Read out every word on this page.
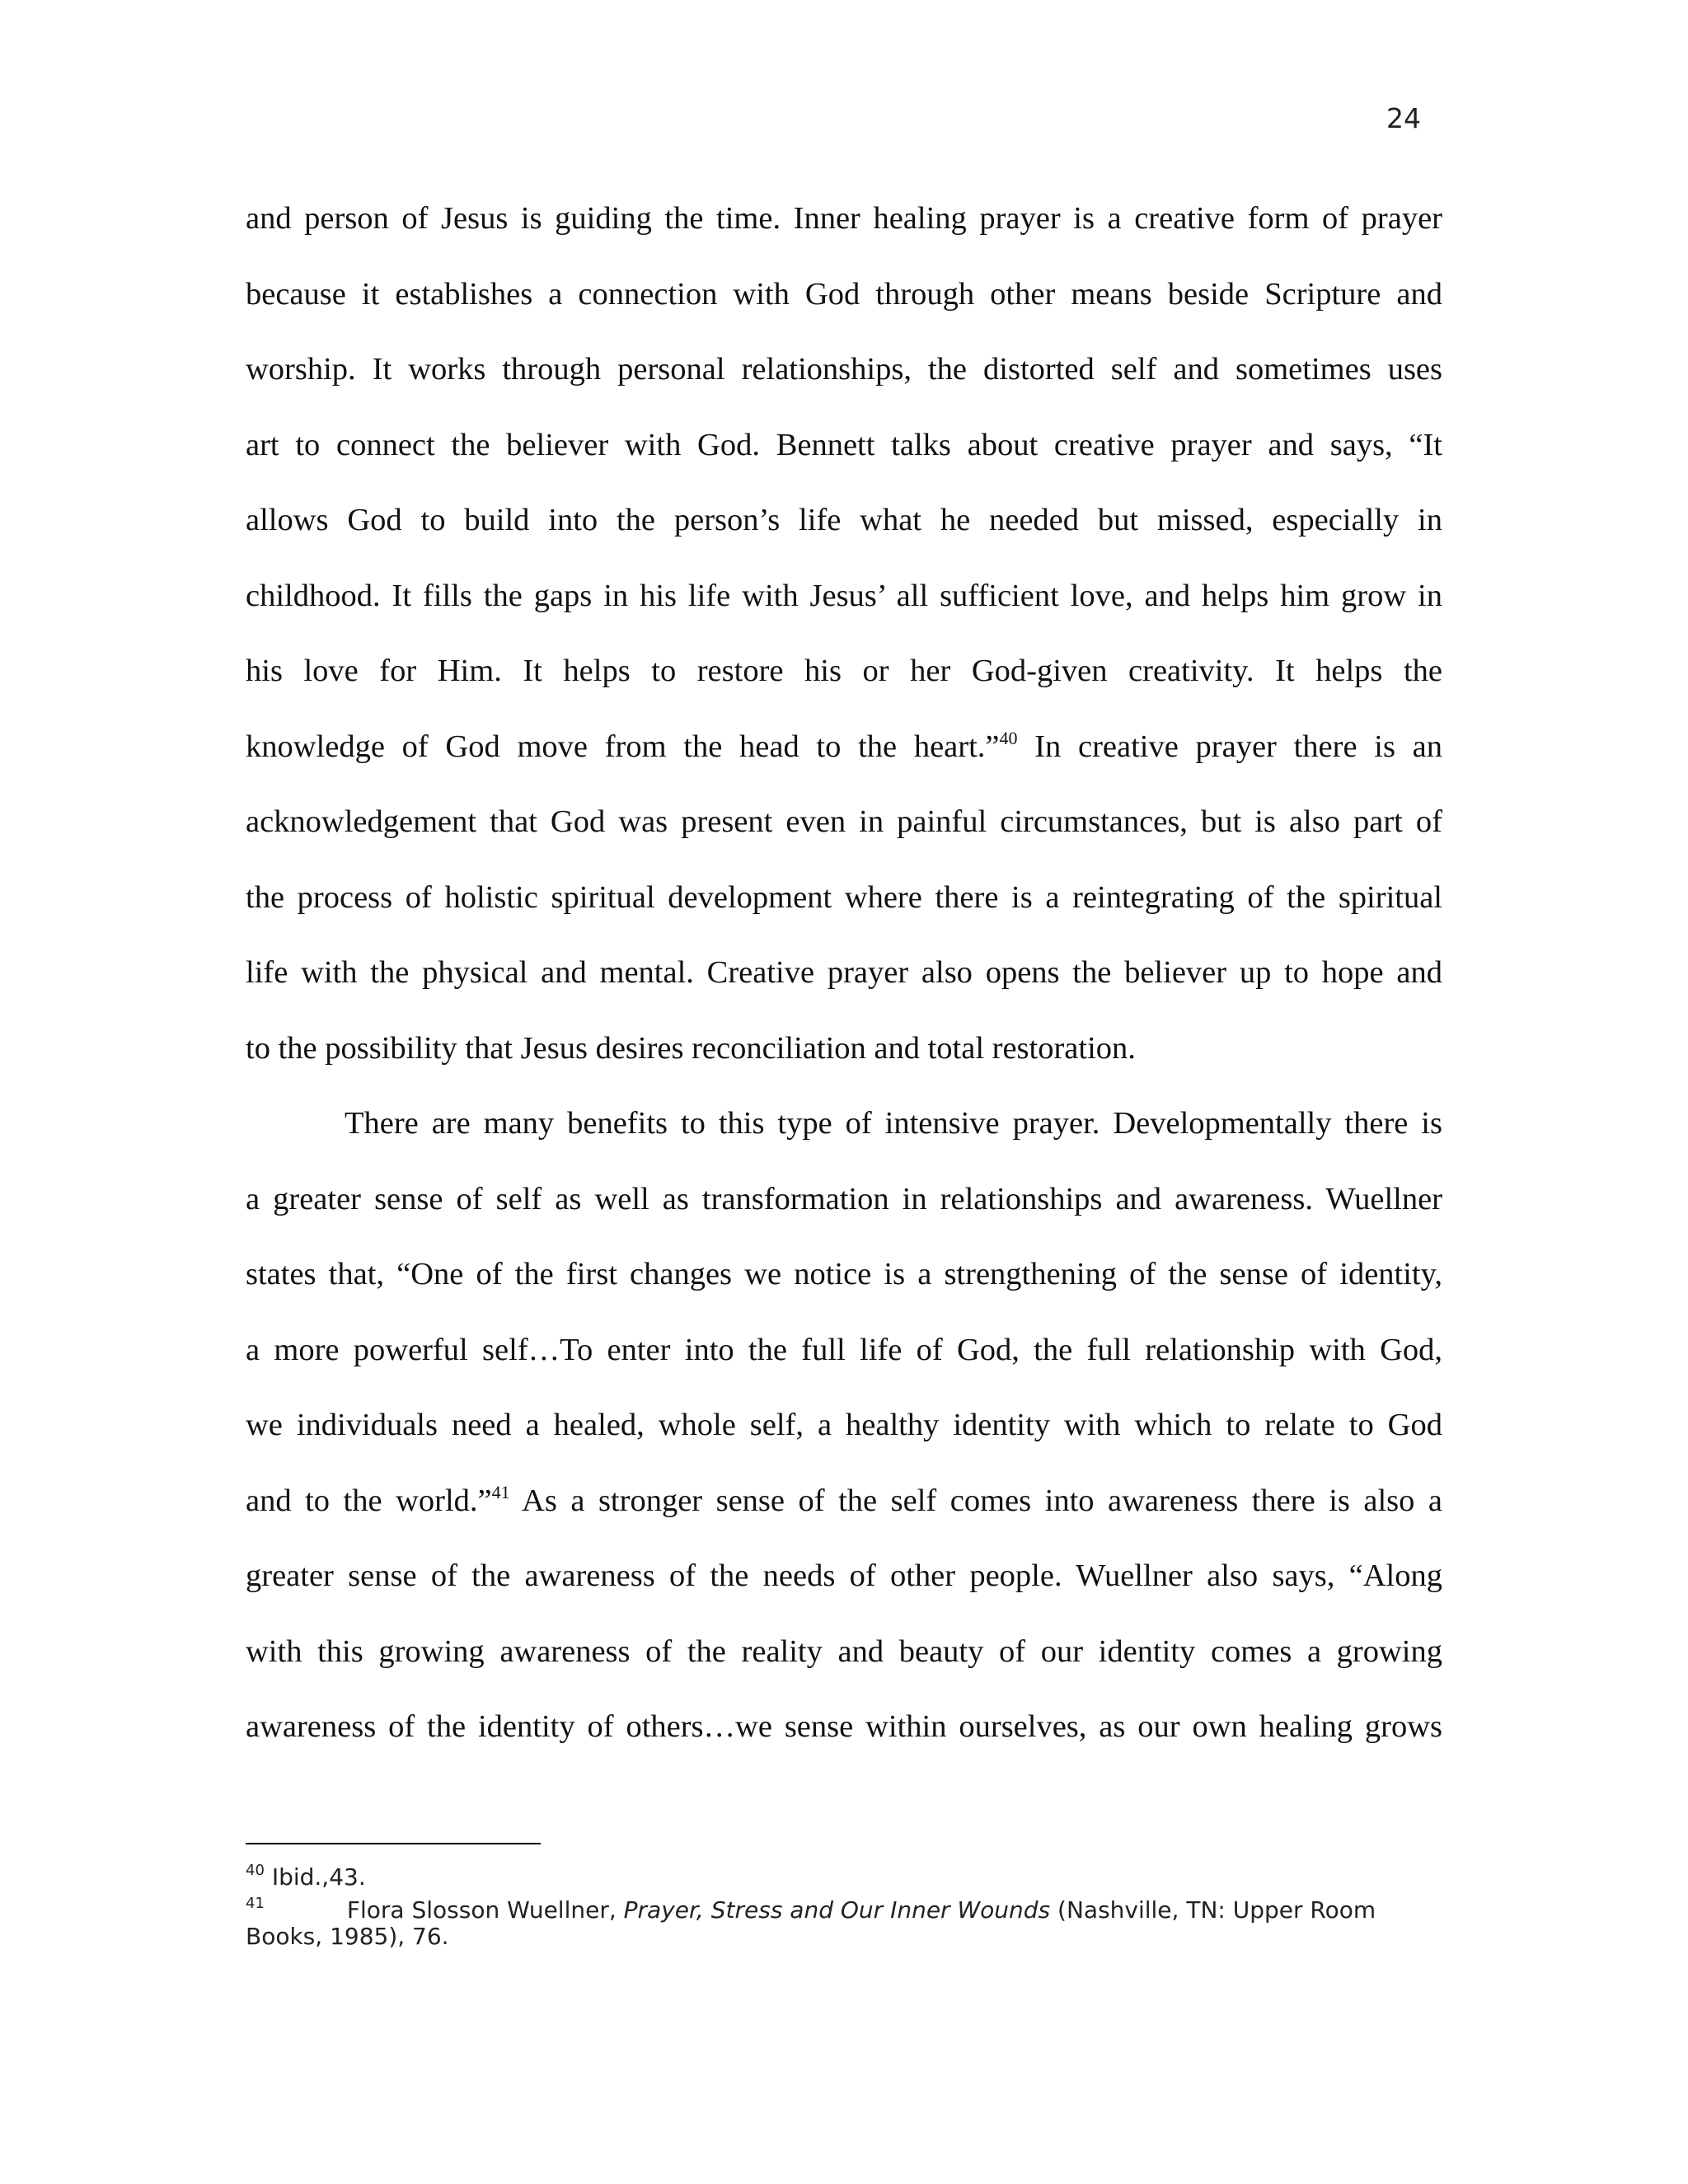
24
and person of Jesus is guiding the time. Inner healing prayer is a creative form of prayer
because it establishes a connection with God through other means beside Scripture and
worship. It works through personal relationships, the distorted self and sometimes uses
art to connect the believer with God. Bennett talks about creative prayer and says, “It
allows God to build into the person’s life what he needed but missed, especially in
childhood. It fills the gaps in his life with Jesus’ all sufficient love, and helps him grow in
his love for Him. It helps to restore his or her God-given creativity. It helps the
knowledge of God move from the head to the heart.”$^{40}$ In creative prayer there is an
acknowledgement that God was present even in painful circumstances, but is also part of
the process of holistic spiritual development where there is a reintegrating of the spiritual
life with the physical and mental. Creative prayer also opens the believer up to hope and
to the possibility that Jesus desires reconciliation and total restoration.
There are many benefits to this type of intensive prayer. Developmentally there is
a greater sense of self as well as transformation in relationships and awareness. Wuellner
states that, “One of the first changes we notice is a strengthening of the sense of identity,
a more powerful self…To enter into the full life of God, the full relationship with God,
we individuals need a healed, whole self, a healthy identity with which to relate to God
and to the world.”$^{41}$ As a stronger sense of the self comes into awareness there is also a
greater sense of the awareness of the needs of other people. Wuellner also says, “Along
with this growing awareness of the reality and beauty of our identity comes a growing
awareness of the identity of others…we sense within ourselves, as our own healing grows
$^{40}$ Ibid.,43.
$^{41}$	Flora Slosson Wuellner, Prayer, Stress and Our Inner Wounds (Nashville, TN: Upper Room
Books, 1985), 76.
